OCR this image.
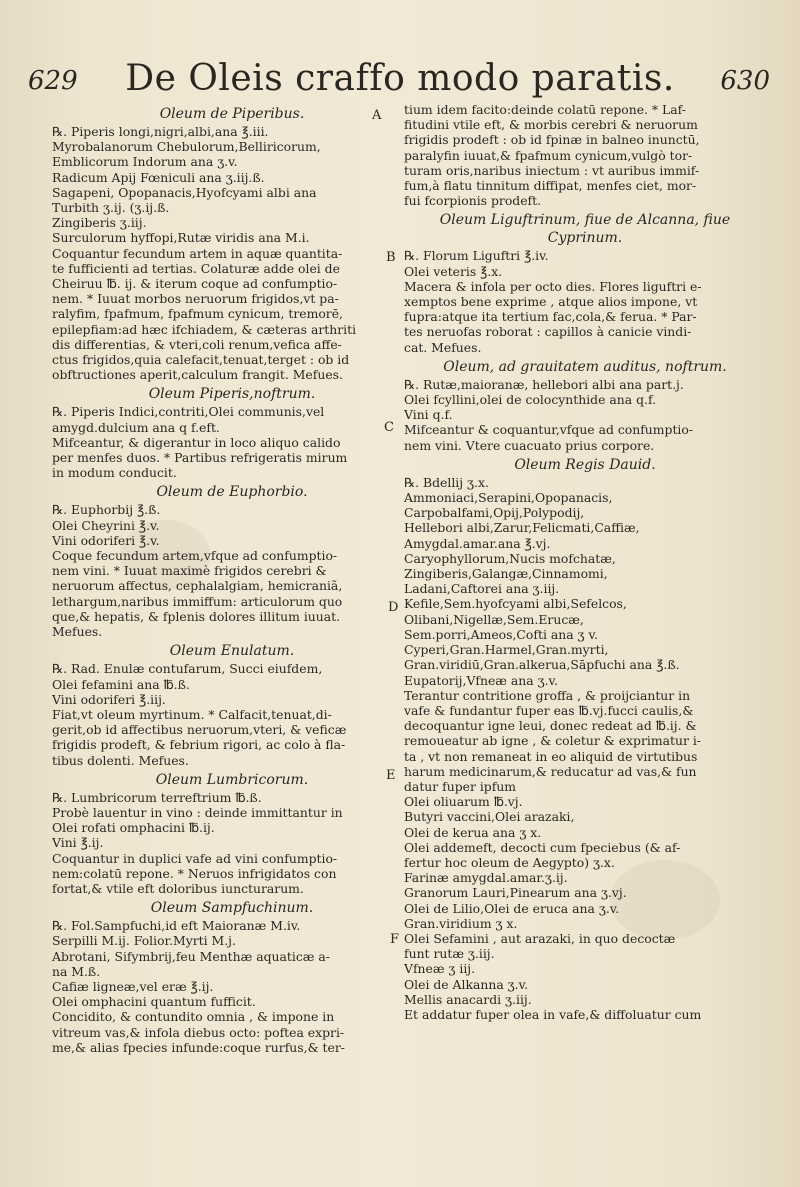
629	De Oleis craffo modo paratis.	630
A
B
C
D
E
F

Oleum de Piperibus.

℞. Piperis longi,nigri,albi,ana ℥.iii.

Myrobalanorum Chebulorum,Belliricorum,

Emblicorum Indorum ana ʒ.v.

Radicum Apij Fœniculi ana ʒ.iij.ß.

Sagapeni, Opopanacis,Hyofcyami albi ana

Turbith ʒ.ij. (ʒ.ij.ß.

Zingiberis ʒ.iij.

Surculorum hyffopi,Rutæ viridis ana M.i.

Coquantur fecundum artem in aquæ quantita-

te fufficienti ad tertias. Colaturæ adde olei de

Cheiruu ℔. ij. & iterum coque ad confumptio-

nem. * Iuuat morbos neruorum frigidos,vt pa-

ralyfim, fpafmum, fpafmum cynicum, tremorē,

epilepfiam:ad hæc ifchiadem, & cæteras arthriti

dis differentias, & vteri,coli renum,vefica affe-

ctus frigidos,quia calefacit,tenuat,terget : ob id

obftructiones aperit,calculum frangit. Mefues.

Oleum Piperis,noftrum.

℞. Piperis Indici,contriti,Olei communis,vel

amygd.dulcium ana q f.eft.

Mifceantur, & digerantur in loco aliquo calido

per menfes duos. * Partibus refrigeratis mirum

in modum conducit.

Oleum de Euphorbio.

℞. Euphorbij ℥.ß.

Olei Cheyrini ℥.v.

Vini odoriferi ℥.v.

Coque fecundum artem,vfque ad confumptio-

nem vini. * Iuuat maximè frigidos cerebri &

neruorum affectus, cephalalgiam, hemicraniã,

lethargum,naribus immiffum: articulorum quo

que,& hepatis, & fplenis dolores illitum iuuat.

Mefues.

Oleum Enulatum.

℞. Rad. Enulæ contufarum, Succi eiufdem,

Olei fefamini ana ℔.ß.

Vini odoriferi ℥.iij.

Fiat,vt oleum myrtinum. * Calfacit,tenuat,di-

gerit,ob id affectibus neruorum,vteri, & veficæ

frigidis prodeft, & febrium rigori, ac colo à fla-

tibus dolenti. Mefues.

Oleum Lumbricorum.

℞. Lumbricorum terreftrium ℔.ß.

Probè lauentur in vino : deinde immittantur in

Olei rofati omphacini ℔.ij.

Vini ℥.ij.

Coquantur in duplici vafe ad vini confumptio-

nem:colatū repone. * Neruos infrigidatos con

fortat,& vtile eft doloribus iuncturarum.

Oleum Sampfuchinum.

℞. Fol.Sampfuchi,id eft Maioranæ M.iv.

Serpilli M.ij. Folior.Myrti M.j.

Abrotani, Sifymbrij,feu Menthæ aquaticæ a-

na M.ß.

Cafiæ ligneæ,vel eræ ℥.ij.

Olei omphacini quantum fufficit.

Concidito, & contundito omnia , & impone in

vitreum vas,& infola diebus octo: poftea expri-

me,& alias fpecies infunde:coque rurfus,& ter-

tium idem facito:deinde colatū repone. * Laf-

fitudini vtile eft, & morbis cerebri & neruorum

frigidis prodeft : ob id fpinæ in balneo inunctū,

paralyfin iuuat,& fpafmum cynicum,vulgò tor-

turam oris,naribus iniectum : vt auribus immif-

fum,à flatu tinnitum diffipat, menfes ciet, mor-

fui fcorpionis prodeft.

Oleum Liguftrinum, fiue de Alcanna, fiue Cyprinum.

℞. Florum Liguftri ℥.iv.

Olei veteris ℥.x.

Macera & infola per octo dies. Flores liguftri e-

xemptos bene exprime , atque alios impone, vt

fupra:atque ita tertium fac,cola,& ferua. * Par-

tes neruofas roborat : capillos à canicie vindi-

cat. Mefues.

Oleum, ad grauitatem auditus, noftrum.

℞. Rutæ,maioranæ, hellebori albi ana part.j.

Olei fcyllini,olei de colocynthide ana q.f.

Vini q.f.

Mifceantur & coquantur,vfque ad confumptio-

nem vini. Vtere cuacuato prius corpore.

Oleum Regis Dauid.

℞. Bdellij ʒ.x.

Ammoniaci,Serapini,Opopanacis,

Carpobalfami,Opij,Polypodij,

Hellebori albi,Zarur,Felicmati,Caffiæ,

Amygdal.amar.ana ℥.vj.

Caryophyllorum,Nucis mofchatæ,

Zingiberis,Galangæ,Cinnamomi,

Ladani,Caftorei ana ʒ.iij.

Kefile,Sem.hyofcyami albi,Sefelcos,

Olibani,Nigellæ,Sem.Erucæ,

Sem.porri,Ameos,Cofti ana ʒ v.

Cyperi,Gran.Harmel,Gran.myrti,

Gran.viridiū,Gran.alkerua,Sāpfuchi ana ℥.ß.

Eupatorij,Vfneæ ana ʒ.v.

Terantur contritione groffa , & proijciantur in

vafe & fundantur fuper eas ℔.vj.fucci caulis,&

decoquantur igne leui, donec redeat ad ℔.ij. &

remoueatur ab igne , & coletur & exprimatur i-

ta , vt non remaneat in eo aliquid de virtutibus

harum medicinarum,& reducatur ad vas,& fun

datur fuper ipfum

Olei oliuarum ℔.vj.

Butyri vaccini,Olei arazaki,

Olei de kerua ana ʒ x.

Olei addemeft, decocti cum fpeciebus (& af-

fertur hoc oleum de Aegypto) ʒ.x.

Farinæ amygdal.amar.ʒ.ij.

Granorum Lauri,Pinearum ana ʒ.vj.

Olei de Lilio,Olei de eruca ana ʒ.v.

Gran.viridium ʒ x.

Olei Sefamini , aut arazaki, in quo decoctæ

funt rutæ ʒ.iij.

Vfneæ ʒ iij.

Olei de Alkanna ʒ.v.

Mellis anacardi ʒ.iij.

Et addatur fuper olea in vafe,& diffoluatur cum
